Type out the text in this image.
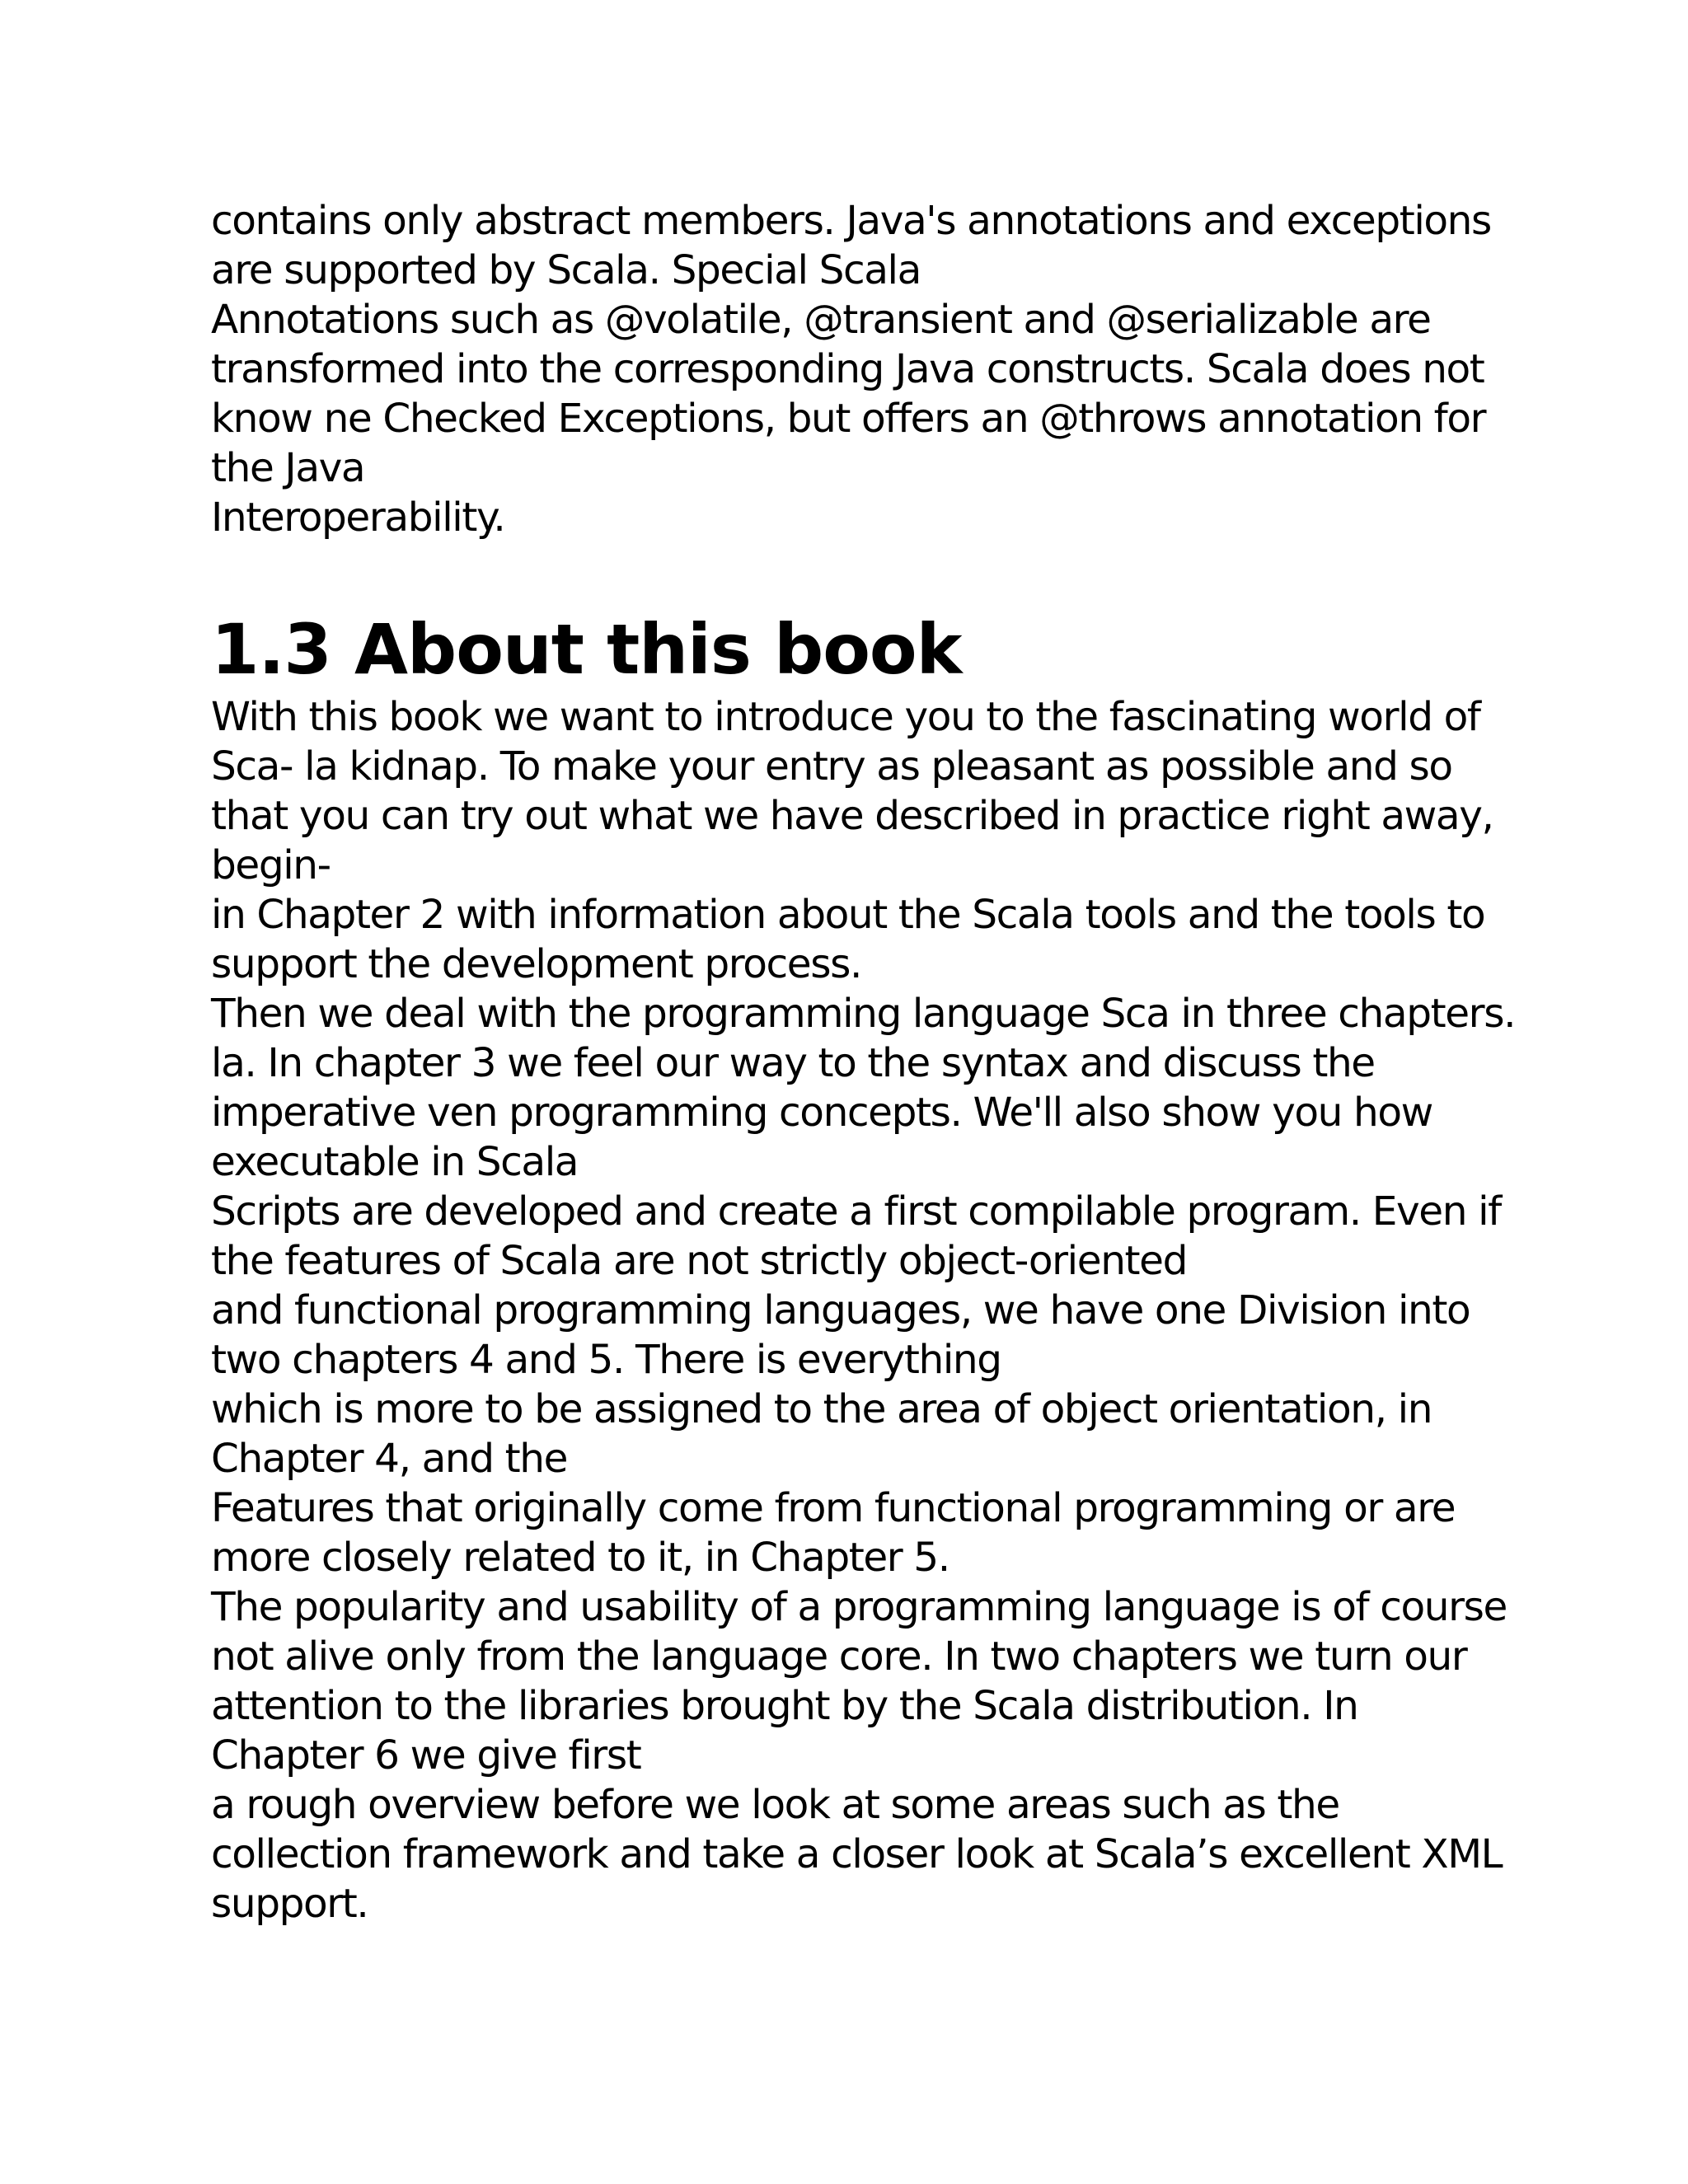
contains only abstract members. Java's annotations and exceptions
are supported by Scala. Special Scala
Annotations such as @volatile, @transient and @serializable are
transformed into the corresponding Java constructs. Scala does not
know ne Checked Exceptions, but offers an @throws annotation for
the Java
Interoperability.
1.3 About this book
With this book we want to introduce you to the fascinating world of
Sca- la kidnap. To make your entry as pleasant as possible and so
that you can try out what we have described in practice right away,
begin-
in Chapter 2 with information about the Scala tools and the tools to
support the development process.
Then we deal with the programming language Sca in three chapters.
la. In chapter 3 we feel our way to the syntax and discuss the
imperative ven programming concepts. We'll also show you how
executable in Scala
Scripts are developed and create a first compilable program. Even if
the features of Scala are not strictly object-oriented
and functional programming languages, we have one Division into
two chapters 4 and 5. There is everything
which is more to be assigned to the area of object orientation, in
Chapter 4, and the
Features that originally come from functional programming or are
more closely related to it, in Chapter 5.
The popularity and usability of a programming language is of course
not alive only from the language core. In two chapters we turn our
attention to the libraries brought by the Scala distribution. In
Chapter 6 we give first
a rough overview before we look at some areas such as the
collection framework and take a closer look at Scala’s excellent XML
support.
